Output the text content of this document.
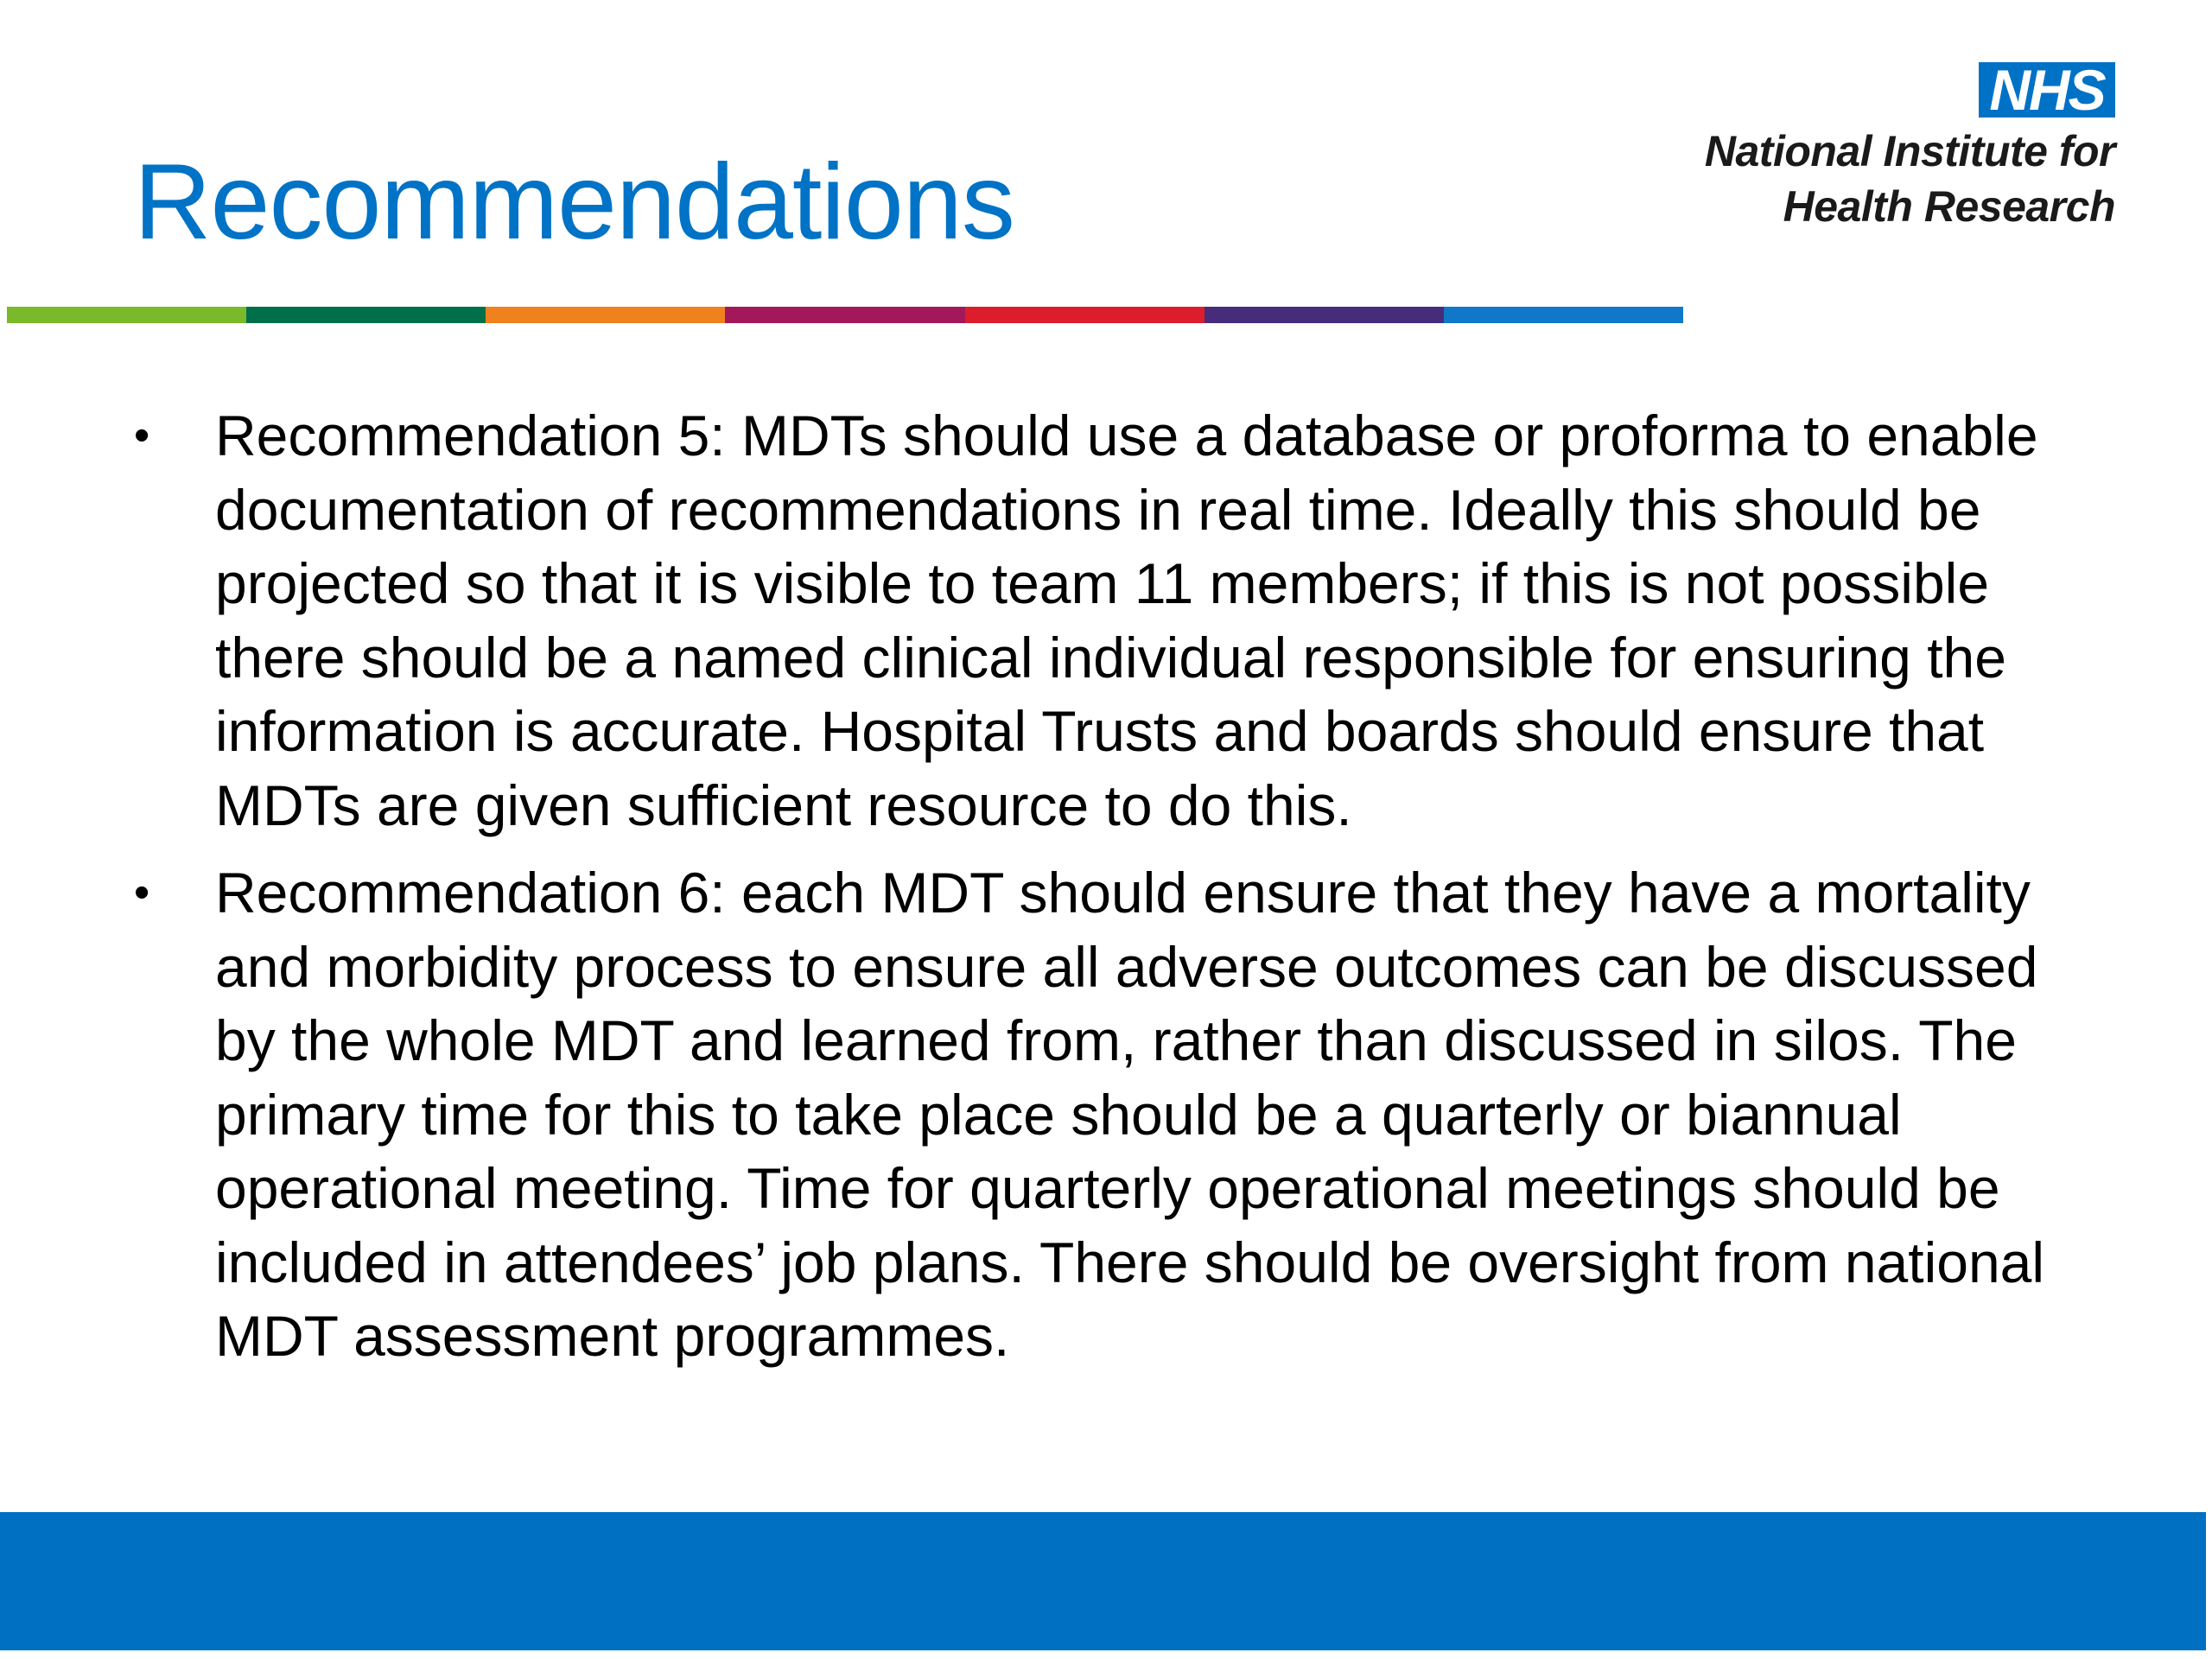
Recommendations
NHS
National Institute for
Health Research
• Recommendation 5: MDTs should use a database or proforma to enable documentation of recommendations in real time. Ideally this should be projected so that it is visible to team 11 members; if this is not possible there should be a named clinical individual responsible for ensuring the information is accurate. Hospital Trusts and boards should ensure that MDTs are given sufficient resource to do this.
• Recommendation 6: each MDT should ensure that they have a mortality and morbidity process to ensure all adverse outcomes can be discussed by the whole MDT and learned from, rather than discussed in silos. The primary time for this to take place should be a quarterly or biannual operational meeting. Time for quarterly operational meetings should be included in attendees’ job plans. There should be oversight from national MDT assessment programmes.
